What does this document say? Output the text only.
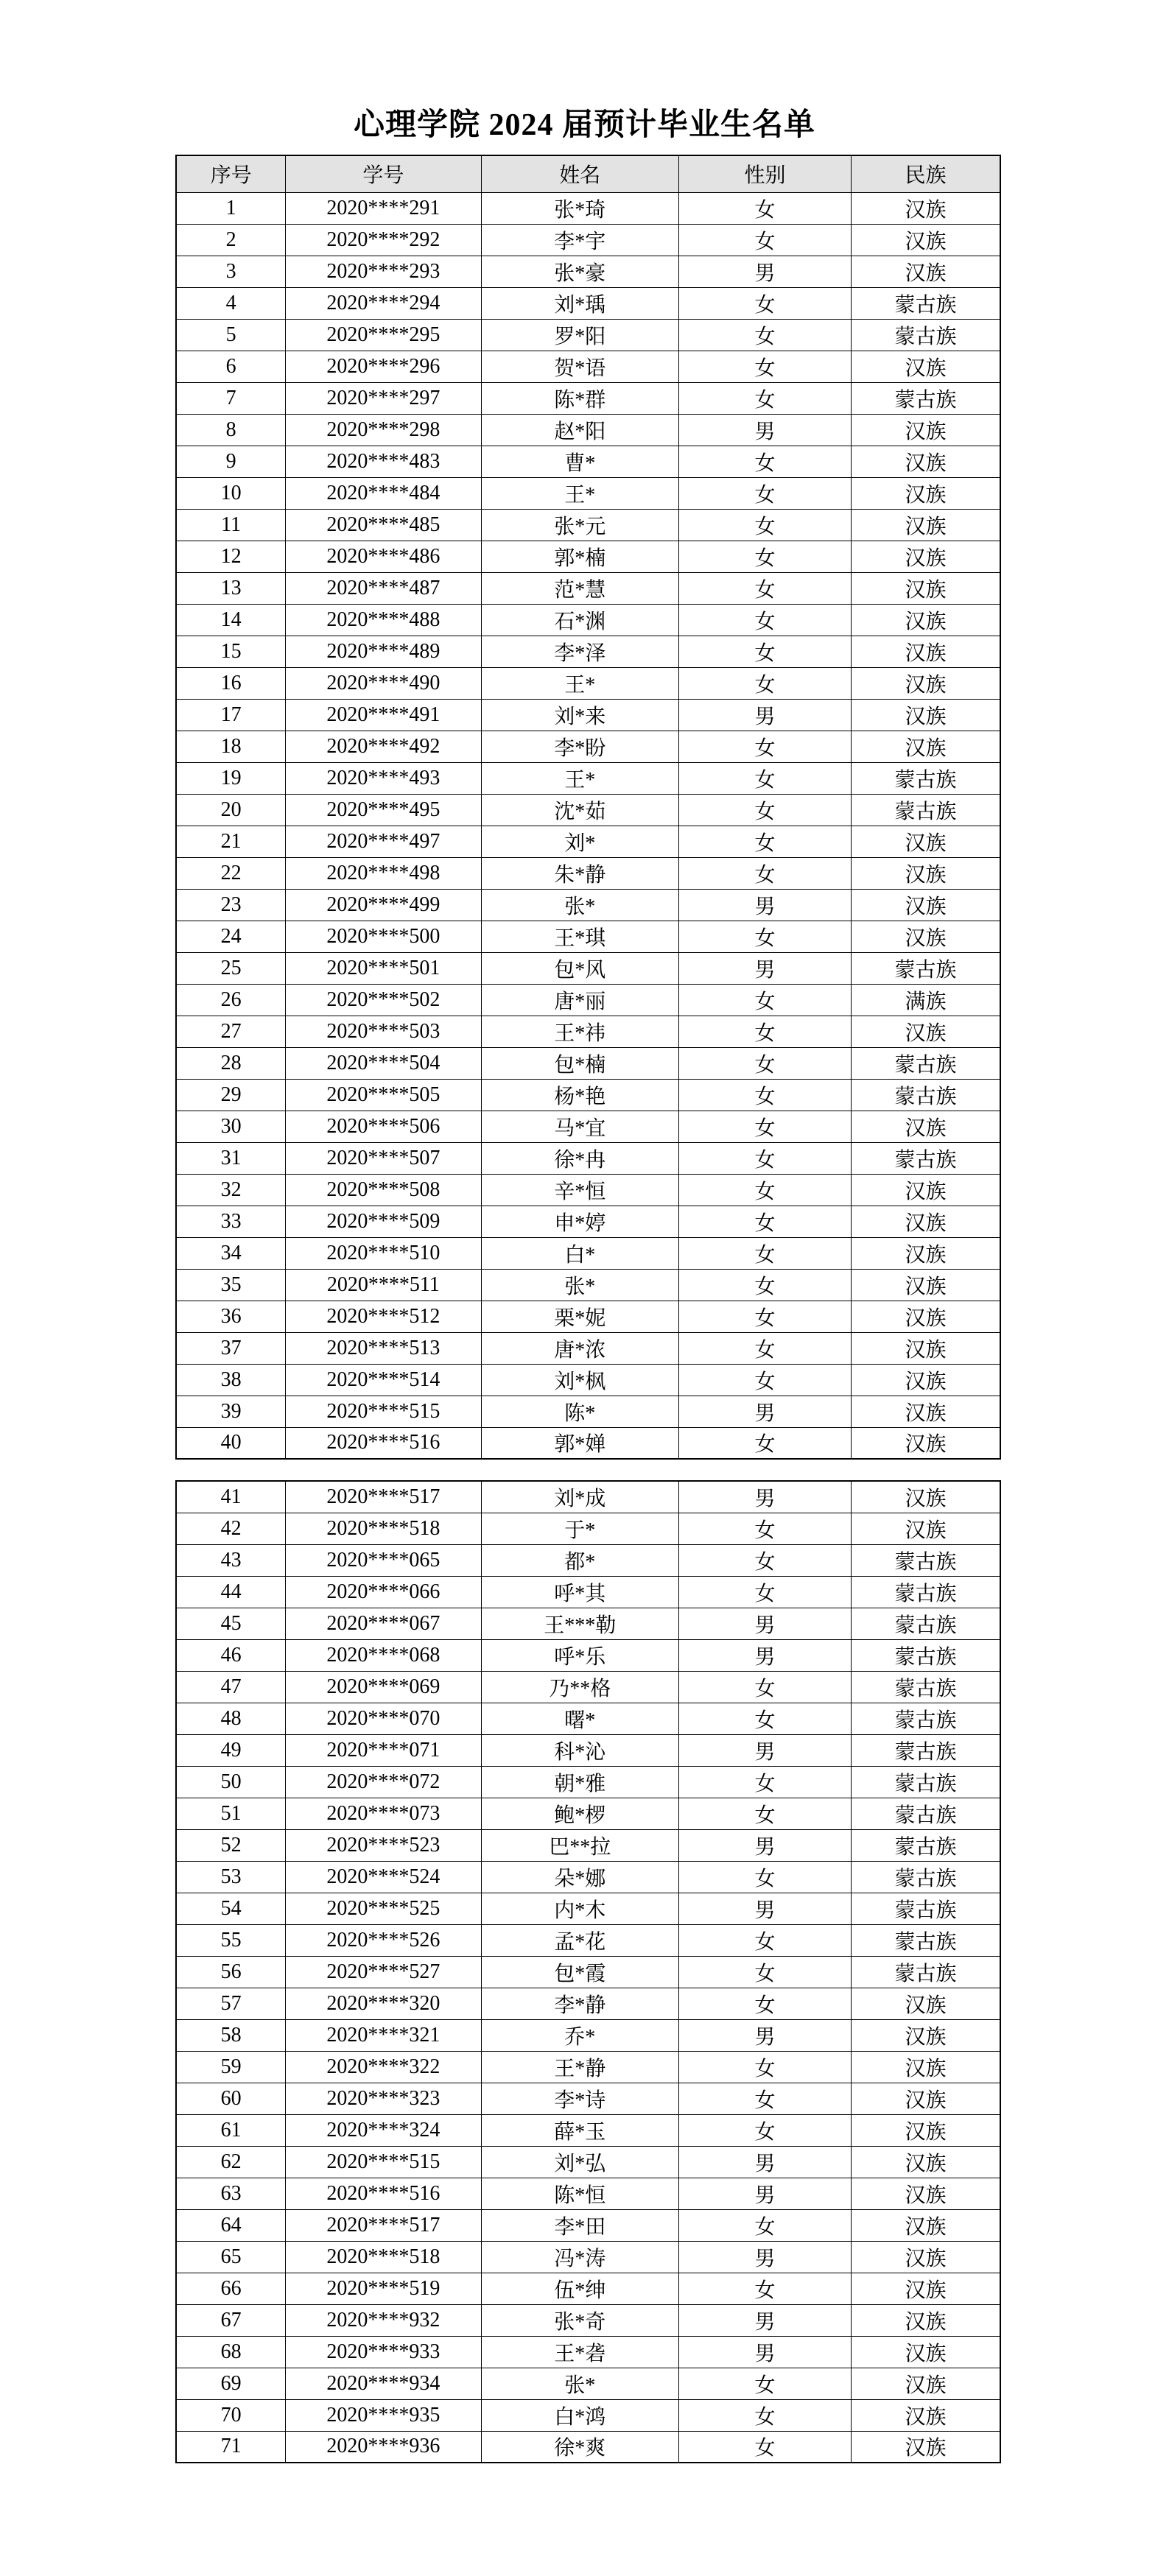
心理学院 2024 届预计毕业生名单
序号	学号	姓名	性别	民族
1	2020****291	张*琦	女	汉族
2	2020****292	李*宇	女	汉族
3	2020****293	张*豪	男	汉族
4	2020****294	刘*瑀	女	蒙古族
5	2020****295	罗*阳	女	蒙古族
6	2020****296	贺*语	女	汉族
7	2020****297	陈*群	女	蒙古族
8	2020****298	赵*阳	男	汉族
9	2020****483	曹*	女	汉族
10	2020****484	王*	女	汉族
11	2020****485	张*元	女	汉族
12	2020****486	郭*楠	女	汉族
13	2020****487	范*慧	女	汉族
14	2020****488	石*渊	女	汉族
15	2020****489	李*泽	女	汉族
16	2020****490	王*	女	汉族
17	2020****491	刘*来	男	汉族
18	2020****492	李*盼	女	汉族
19	2020****493	王*	女	蒙古族
20	2020****495	沈*茹	女	蒙古族
21	2020****497	刘*	女	汉族
22	2020****498	朱*静	女	汉族
23	2020****499	张*	男	汉族
24	2020****500	王*琪	女	汉族
25	2020****501	包*风	男	蒙古族
26	2020****502	唐*丽	女	满族
27	2020****503	王*祎	女	汉族
28	2020****504	包*楠	女	蒙古族
29	2020****505	杨*艳	女	蒙古族
30	2020****506	马*宜	女	汉族
31	2020****507	徐*冉	女	蒙古族
32	2020****508	辛*恒	女	汉族
33	2020****509	申*婷	女	汉族
34	2020****510	白*	女	汉族
35	2020****511	张*	女	汉族
36	2020****512	栗*妮	女	汉族
37	2020****513	唐*浓	女	汉族
38	2020****514	刘*枫	女	汉族
39	2020****515	陈*	男	汉族
40	2020****516	郭*婵	女	汉族
41	2020****517	刘*成	男	汉族
42	2020****518	于*	女	汉族
43	2020****065	都*	女	蒙古族
44	2020****066	呼*其	女	蒙古族
45	2020****067	王***勒	男	蒙古族
46	2020****068	呼*乐	男	蒙古族
47	2020****069	乃**格	女	蒙古族
48	2020****070	曙*	女	蒙古族
49	2020****071	科*沁	男	蒙古族
50	2020****072	朝*雅	女	蒙古族
51	2020****073	鲍*椤	女	蒙古族
52	2020****523	巴**拉	男	蒙古族
53	2020****524	朵*娜	女	蒙古族
54	2020****525	内*木	男	蒙古族
55	2020****526	孟*花	女	蒙古族
56	2020****527	包*霞	女	蒙古族
57	2020****320	李*静	女	汉族
58	2020****321	乔*	男	汉族
59	2020****322	王*静	女	汉族
60	2020****323	李*诗	女	汉族
61	2020****324	薛*玉	女	汉族
62	2020****515	刘*弘	男	汉族
63	2020****516	陈*恒	男	汉族
64	2020****517	李*田	女	汉族
65	2020****518	冯*涛	男	汉族
66	2020****519	伍*绅	女	汉族
67	2020****932	张*奇	男	汉族
68	2020****933	王*砻	男	汉族
69	2020****934	张*	女	汉族
70	2020****935	白*鸿	女	汉族
71	2020****936	徐*爽	女	汉族
